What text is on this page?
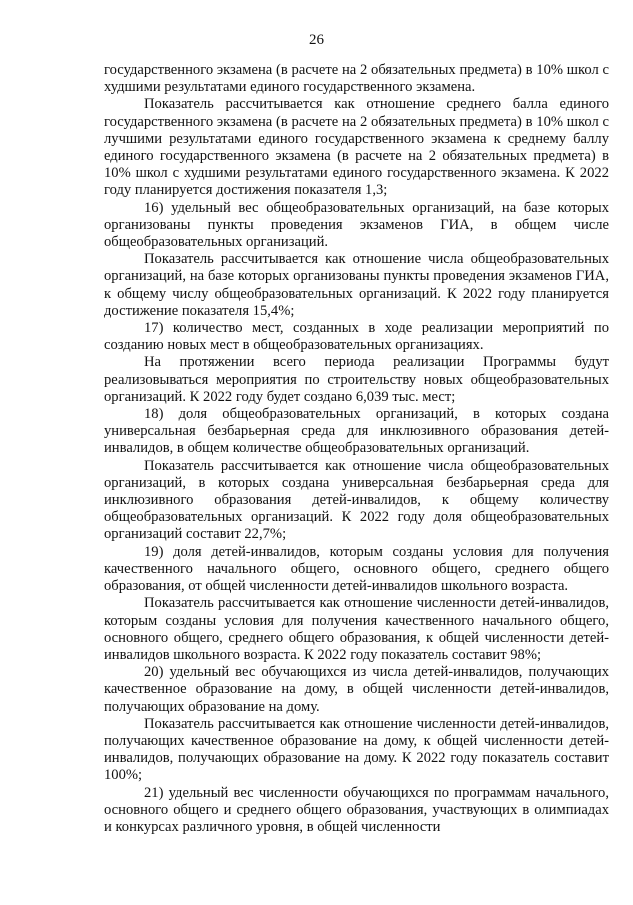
26

государственного экзамена (в расчете на 2 обязательных предмета) в 10% школ с худшими результатами единого государственного экзамена.

Показатель рассчитывается как отношение среднего балла единого государственного экзамена (в расчете на 2 обязательных предмета) в 10% школ с лучшими результатами единого государственного экзамена к среднему баллу единого государственного экзамена (в расчете на 2 обязательных предмета) в 10% школ с худшими результатами единого государственного экзамена. К 2022 году планируется достижения показателя 1,3;

16) удельный вес общеобразовательных организаций, на базе которых организованы пункты проведения экзаменов ГИА, в общем числе общеобразовательных организаций.

Показатель рассчитывается как отношение числа общеобразовательных организаций, на базе которых организованы пункты проведения экзаменов ГИА, к общему числу общеобразовательных организаций. К 2022 году планируется достижение показателя 15,4%;

17) количество мест, созданных в ходе реализации мероприятий по созданию новых мест в общеобразовательных организациях.

На протяжении всего периода реализации Программы будут реализовываться мероприятия по строительству новых общеобразовательных организаций. К 2022 году будет создано 6,039 тыс. мест;

18) доля общеобразовательных организаций, в которых создана универсальная безбарьерная среда для инклюзивного образования детей-инвалидов, в общем количестве общеобразовательных организаций.

Показатель рассчитывается как отношение числа общеобразовательных организаций, в которых создана универсальная безбарьерная среда для инклюзивного образования детей-инвалидов, к общему количеству общеобразовательных организаций. К 2022 году доля общеобразовательных организаций составит 22,7%;

19) доля детей-инвалидов, которым созданы условия для получения качественного начального общего, основного общего, среднего общего образования, от общей численности детей-инвалидов школьного возраста.

Показатель рассчитывается как отношение численности детей-инвалидов, которым созданы условия для получения качественного начального общего, основного общего, среднего общего образования, к общей численности детей-инвалидов школьного возраста. К 2022 году показатель составит 98%;

20) удельный вес обучающихся из числа детей-инвалидов, получающих качественное образование на дому, в общей численности детей-инвалидов, получающих образование на дому.

Показатель рассчитывается как отношение численности детей-инвалидов, получающих качественное образование на дому, к общей численности детей-инвалидов, получающих образование на дому. К 2022 году показатель составит 100%;

21) удельный вес численности обучающихся по программам начального, основного общего и среднего общего образования, участвующих в олимпиадах и конкурсах различного уровня, в общей численности
